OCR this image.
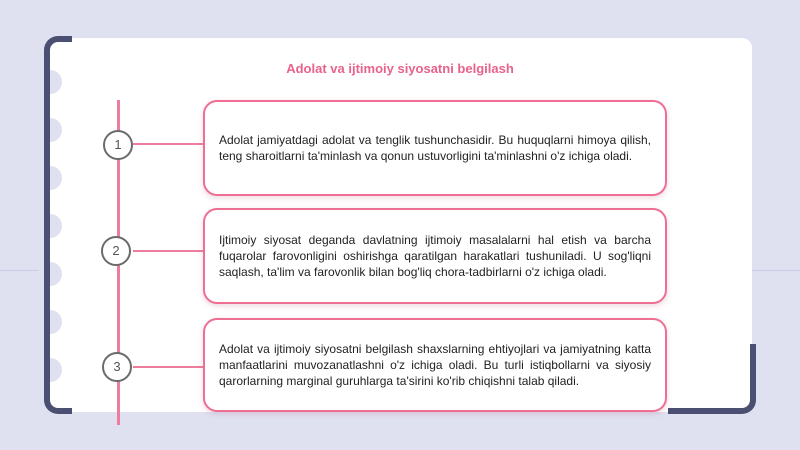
Adolat va ijtimoiy siyosatni belgilash
1	Adolat jamiyatdagi adolat va tenglik tushunchasidir. Bu huquqlarni himoya qilish, teng sharoitlarni ta'minlash va qonun ustuvorligini ta'minlashni o'z ichiga oladi.

2

Ijtimoiy siyosat deganda davlatning ijtimoiy masalalarni hal etish va barcha fuqarolar farovonligini oshirishga qaratilgan harakatlari tushuniladi. U sog'liqni saqlash, ta'lim va farovonlik bilan bog'liq chora-tadbirlarni o'z ichiga oladi.

3

Adolat va ijtimoiy siyosatni belgilash shaxslarning ehtiyojlari va jamiyatning katta manfaatlarini muvozanatlashni o'z ichiga oladi. Bu turli istiqbollarni va siyosiy qarorlarning marginal guruhlarga ta'sirini ko'rib chiqishni talab qiladi.
